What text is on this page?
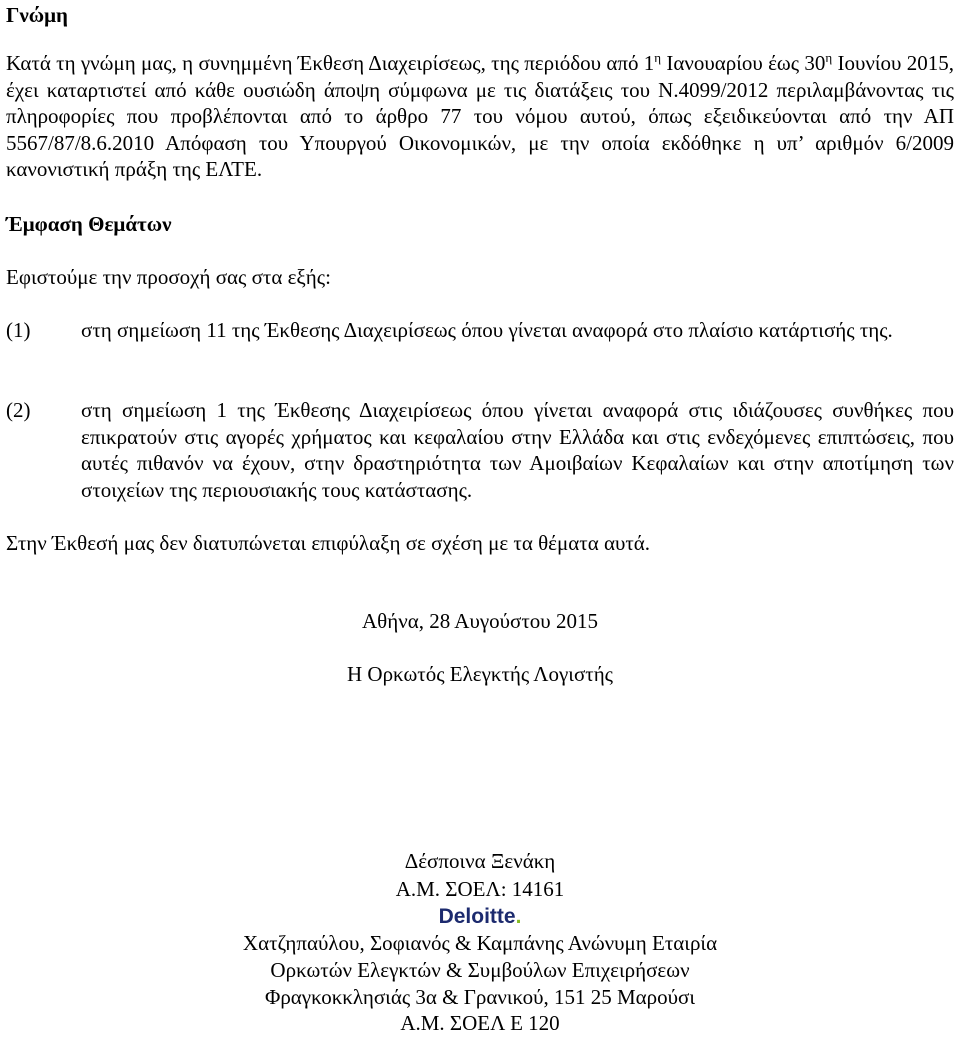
Γνώμη

Κατά τη γνώμη μας, η συνημμένη Έκθεση Διαχειρίσεως, της περιόδου από $1^\eta$ Ιανουαρίου έως $30^\eta$ Ιουνίου 2015, έχει καταρτιστεί από κάθε ουσιώδη άποψη σύμφωνα με τις διατάξεις του Ν.4099/2012 περιλαμβάνοντας τις πληροφορίες που προβλέπονται από το άρθρο 77 του νόμου αυτού, όπως εξειδικεύονται από την ΑΠ 5567/87/8.6.2010 Απόφαση του Υπουργού Οικονομικών, με την οποία εκδόθηκε η υπ’ αριθμόν 6/2009 κανονιστική πράξη της ΕΛΤΕ.

Έμφαση Θεμάτων

Εφιστούμε την προσοχή σας στα εξής:

(1) στη σημείωση 11 της Έκθεσης Διαχειρίσεως όπου γίνεται αναφορά στο πλαίσιο κατάρτισής της.
(2) στη σημείωση 1 της Έκθεσης Διαχειρίσεως όπου γίνεται αναφορά στις ιδιάζουσες συνθήκες που επικρατούν στις αγορές χρήματος και κεφαλαίου στην Ελλάδα και στις ενδεχόμενες επιπτώσεις, που αυτές πιθανόν να έχουν, στην δραστηριότητα των Αμοιβαίων Κεφαλαίων και στην αποτίμηση των στοιχείων της περιουσιακής τους κατάστασης.

Στην Έκθεσή μας δεν διατυπώνεται επιφύλαξη σε σχέση με τα θέματα αυτά.

Αθήνα, 28 Αυγούστου 2015

Η Ορκωτός Ελεγκτής Λογιστής

Δέσποινα Ξενάκη

Α.Μ. ΣΟΕΛ: 14161

Deloitte.

Χατζηπαύλου, Σοφιανός & Καμπάνης Ανώνυμη Εταιρία

Ορκωτών Ελεγκτών & Συμβούλων Επιχειρήσεων

Φραγκοκκλησιάς 3α & Γρανικού, 151 25 Μαρούσι

Α.Μ. ΣΟΕΛ Ε 120
